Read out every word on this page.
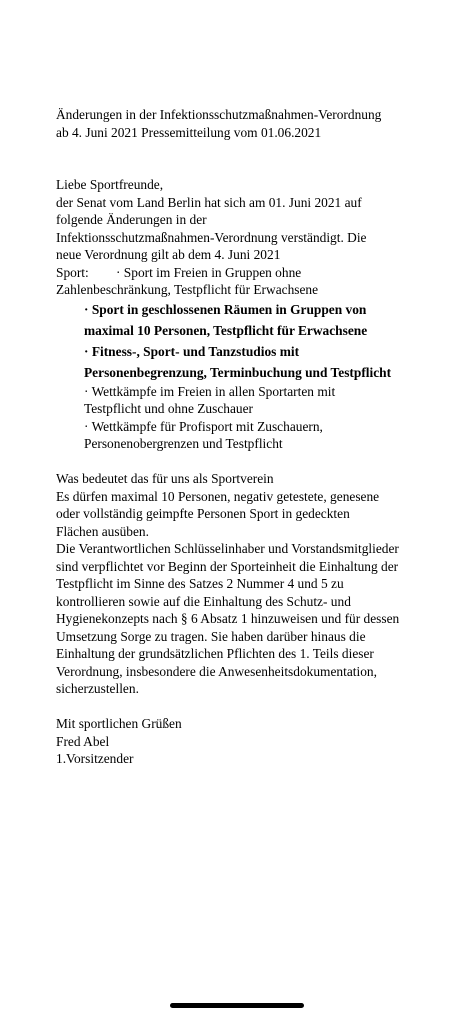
Änderungen in der Infektionsschutzmaßnahmen-Verordnung

ab 4. Juni 2021 Pressemitteilung vom 01.06.2021

Liebe Sportfreunde,

der Senat vom Land Berlin hat sich am 01. Juni 2021 auf

folgende Änderungen in der

Infektionsschutzmaßnahmen-Verordnung verständigt. Die

neue Verordnung gilt ab dem 4. Juni 2021

Sport:	· Sport im Freien in Gruppen ohne

Zahlenbeschränkung, Testpflicht für Erwachsene

· Sport in geschlossenen Räumen in Gruppen von

maximal 10 Personen, Testpflicht für Erwachsene

· Fitness-, Sport- und Tanzstudios mit

Personenbegrenzung, Terminbuchung und Testpflicht

· Wettkämpfe im Freien in allen Sportarten mit

Testpflicht und ohne Zuschauer

· Wettkämpfe für Profisport mit Zuschauern,

Personenobergrenzen und Testpflicht

Was bedeutet das für uns als Sportverein

Es dürfen maximal 10 Personen, negativ getestete, genesene

oder vollständig geimpfte Personen Sport in gedeckten

Flächen ausüben.

Die Verantwortlichen Schlüsselinhaber und Vorstandsmitglieder

sind verpflichtet vor Beginn der Sporteinheit die Einhaltung der

Testpflicht im Sinne des Satzes 2 Nummer 4 und 5 zu

kontrollieren sowie auf die Einhaltung des Schutz- und

Hygienekonzepts nach § 6 Absatz 1 hinzuweisen und für dessen

Umsetzung Sorge zu tragen. Sie haben darüber hinaus die

Einhaltung der grundsätzlichen Pflichten des 1. Teils dieser

Verordnung, insbesondere die Anwesenheitsdokumentation,

sicherzustellen.

Mit sportlichen Grüßen

Fred Abel

1.Vorsitzender
